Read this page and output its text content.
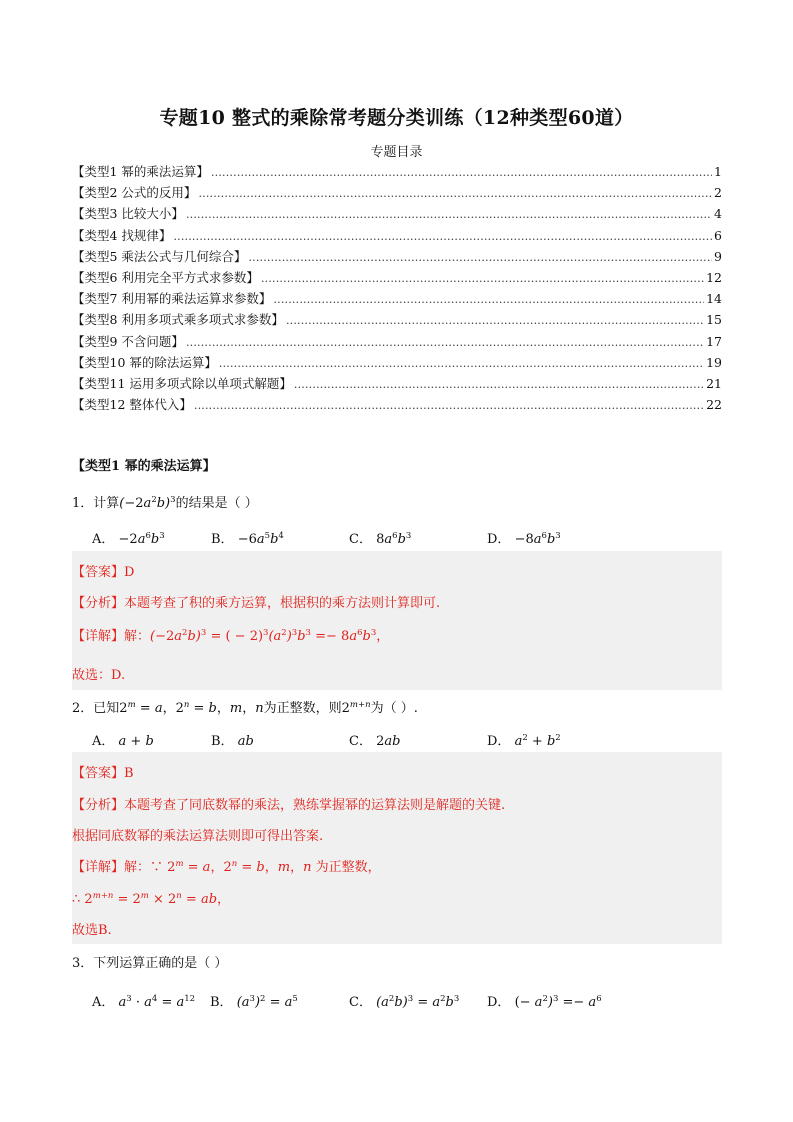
专题10 整式的乘除常考题分类训练（12种类型60道）
专题目录
【类型1 幂的乘法运算】 .....	1
【类型2 公式的反用】 .....	2
【类型3 比较大小】 .....	4
【类型4 找规律】 .....	6
【类型5 乘法公式与几何综合】 .....	9
【类型6 利用完全平方式求参数】 .....	12
【类型7 利用幂的乘法运算求参数】 .....	14
【类型8 利用多项式乘多项式求参数】 .....	15
【类型9 不含问题】 .....	17
【类型10 幂的除法运算】 .....	19
【类型11 运用多项式除以单项式解题】 .....	21
【类型12 整体代入】 .....	22
【类型1 幂的乘法运算】
1．计算$(-2a^2b)^3$的结果是（ ）
A． $-2a^6b^3$	B． $-6a^5b^4$	C． $8a^6b^3$	D． $-8a^6b^3$
【答案】D
【分析】本题考查了积的乘方运算，根据积的乘方法则计算即可.
【详解】解：$(-2a^2b)^3$ = ( − $2)^3(a^2)^3b^3 =- 8a^6b^3$，
故选：D.
2．已知$2^m = a$，$2^n = b$，m，n为正整数，则$2^{m+n}$为（ ）.
A． a + b	B． ab	C． 2ab	D． $a^2 + b^2$
【答案】B
【分析】本题考查了同底数幂的乘法，熟练掌握幂的运算法则是解题的关键.
根据同底数幂的乘法运算法则即可得出答案.
【详解】解：∵ $2^m = a$，$2^n = b$，m，n 为正整数，
∴ $2^{m+n} = 2^m \times 2^n$ = ab，
故选B.
3．下列运算正确的是（ ）
A． $a^3 \cdot a^4 = a^{12}$ B． $(a^3)^2 = a^5$	C． $(a^2b)^3 = a^2b^3$ D． (− $a^2)^3 =- a^6$
